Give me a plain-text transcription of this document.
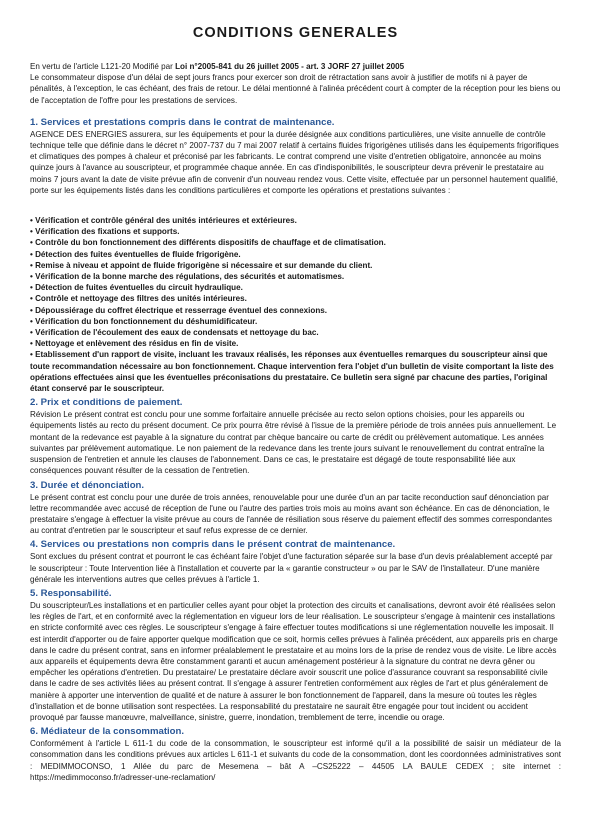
CONDITIONS GENERALES

En vertu de l'article L121-20 Modifié par Loi n°2005-841 du 26 juillet 2005 - art. 3 JORF 27 juillet 2005

Le consommateur dispose d'un délai de sept jours francs pour exercer son droit de rétractation sans avoir à justifier de motifs ni à payer de pénalités, à l'exception, le cas échéant, des frais de retour. Le délai mentionné à l'alinéa précédent court à compter de la réception pour les biens ou de l'acceptation de l'offre pour les prestations de services.

1. Services et prestations compris dans le contrat de maintenance.

AGENCE DES ENERGIES assurera, sur les équipements et pour la durée désignée aux conditions particulières, une visite annuelle de contrôle technique telle que définie dans le décret n° 2007-737 du 7 mai 2007 relatif à certains fluides frigorigènes utilisés dans les équipements frigorifiques et climatiques des pompes à chaleur et préconisé par les fabricants. Le contrat comprend une visite d'entretien obligatoire, annoncée au moins quinze jours à l'avance au souscripteur, et programmée chaque année. En cas d'indisponibilités, le souscripteur devra prévenir le prestataire au moins 7 jours avant la date de visite prévue afin de convenir d'un nouveau rendez vous. Cette visite, effectuée par un personnel hautement qualifié, porte sur les équipements listés dans les conditions particulières et comporte les opérations et prestations suivantes :

• Vérification et contrôle général des unités intérieures et extérieures.
• Vérification des fixations et supports.
• Contrôle du bon fonctionnement des différents dispositifs de chauffage et de climatisation.
• Détection des fuites éventuelles de fluide frigorigène.
• Remise à niveau et appoint de fluide frigorigène si nécessaire et sur demande du client.
• Vérification de la bonne marche des régulations, des sécurités et automatismes.
• Détection de fuites éventuelles du circuit hydraulique.
• Contrôle et nettoyage des filtres des unités intérieures.
• Dépoussiérage du coffret électrique et resserrage éventuel des connexions.
• Vérification du bon fonctionnement du déshumidificateur.
• Vérification de l'écoulement des eaux de condensats et nettoyage du bac.
• Nettoyage et enlèvement des résidus en fin de visite.
• Etablissement d'un rapport de visite, incluant les travaux réalisés, les réponses aux éventuelles remarques du souscripteur ainsi que toute recommandation nécessaire au bon fonctionnement. Chaque intervention fera l'objet d'un bulletin de visite comportant la liste des opérations effectuées ainsi que les éventuelles préconisations du prestataire. Ce bulletin sera signé par chacune des parties, l'original étant conservé par le souscripteur.
2. Prix et conditions de paiement.

Révision Le présent contrat est conclu pour une somme forfaitaire annuelle précisée au recto selon options choisies, pour les appareils ou équipements listés au recto du présent document. Ce prix pourra être révisé à l'issue de la première période de trois années puis annuellement. Le montant de la redevance est payable à la signature du contrat par chèque bancaire ou carte de crédit ou prélèvement automatique. Les années suivantes par prélèvement automatique. Le non paiement de la redevance dans les trente jours suivant le renouvellement du contrat entraîne la suspension de l'entretien et annule les clauses de l'abonnement. Dans ce cas, le prestataire est dégagé de toute responsabilité liée aux conséquences pouvant résulter de la cessation de l'entretien.

3. Durée et dénonciation.

Le présent contrat est conclu pour une durée de trois années, renouvelable pour une durée d'un an par tacite reconduction sauf dénonciation par lettre recommandée avec accusé de réception de l'une ou l'autre des parties trois mois au moins avant son échéance. En cas de dénonciation, le prestataire s'engage à effectuer la visite prévue au cours de l'année de résiliation sous réserve du paiement effectif des sommes correspondantes au contrat d'entretien par le souscripteur et sauf refus expresse de ce dernier.

4. Services ou prestations non compris dans le présent contrat de maintenance.

Sont exclues du présent contrat et pourront le cas échéant faire l'objet d'une facturation séparée sur la base d'un devis préalablement accepté par le souscripteur : Toute Intervention liée à l'installation et couverte par la « garantie constructeur » ou par le SAV de l'installateur. D'une manière générale les interventions autres que celles prévues à l'article 1.

5. Responsabilité.

Du souscripteur/Les installations et en particulier celles ayant pour objet la protection des circuits et canalisations, devront avoir été réalisées selon les règles de l'art, et en conformité avec la réglementation en vigueur lors de leur réalisation. Le souscripteur s'engage à maintenir ces installations en stricte conformité avec ces règles. Le souscripteur s'engage à faire effectuer toutes modifications si une réglementation nouvelle les imposait. Il est interdit d'apporter ou de faire apporter quelque modification que ce soit, hormis celles prévues à l'alinéa précédent, aux appareils pris en charge dans le cadre du présent contrat, sans en informer préalablement le prestataire et au moins lors de la prise de rendez vous de visite. Le libre accès aux appareils et équipements devra être constamment garanti et aucun aménagement postérieur à la signature du contrat ne devra gêner ou empêcher les opérations d'entretien. Du prestataire/ Le prestataire déclare avoir souscrit une police d'assurance couvrant sa responsabilité civile dans le cadre de ses activités liées au présent contrat. Il s'engage à assurer l'entretien conformément aux règles de l'art et plus généralement de manière à apporter une intervention de qualité et de nature à assurer le bon fonctionnement de l'appareil, dans la mesure où toutes les règles d'installation et de bonne utilisation sont respectées. La responsabilité du prestataire ne saurait être engagée pour tout incident ou accident provoqué par fausse manœuvre, malveillance, sinistre, guerre, inondation, tremblement de terre, incendie ou orage.

6. Médiateur de la consommation.

Conformément à l'article L 611-1 du code de la consommation, le souscripteur est informé qu'il a la possibilité de saisir un médiateur de la consommation dans les conditions prévues aux articles L 611-1 et suivants du code de la consommation, dont les coordonnées administratives sont : MEDIMMOCONSO, 1 Allée du parc de Mesemena – bât A –CS25222 – 44505 LA BAULE CEDEX ; site internet : https://medimmoconso.fr/adresser-une-reclamation/
